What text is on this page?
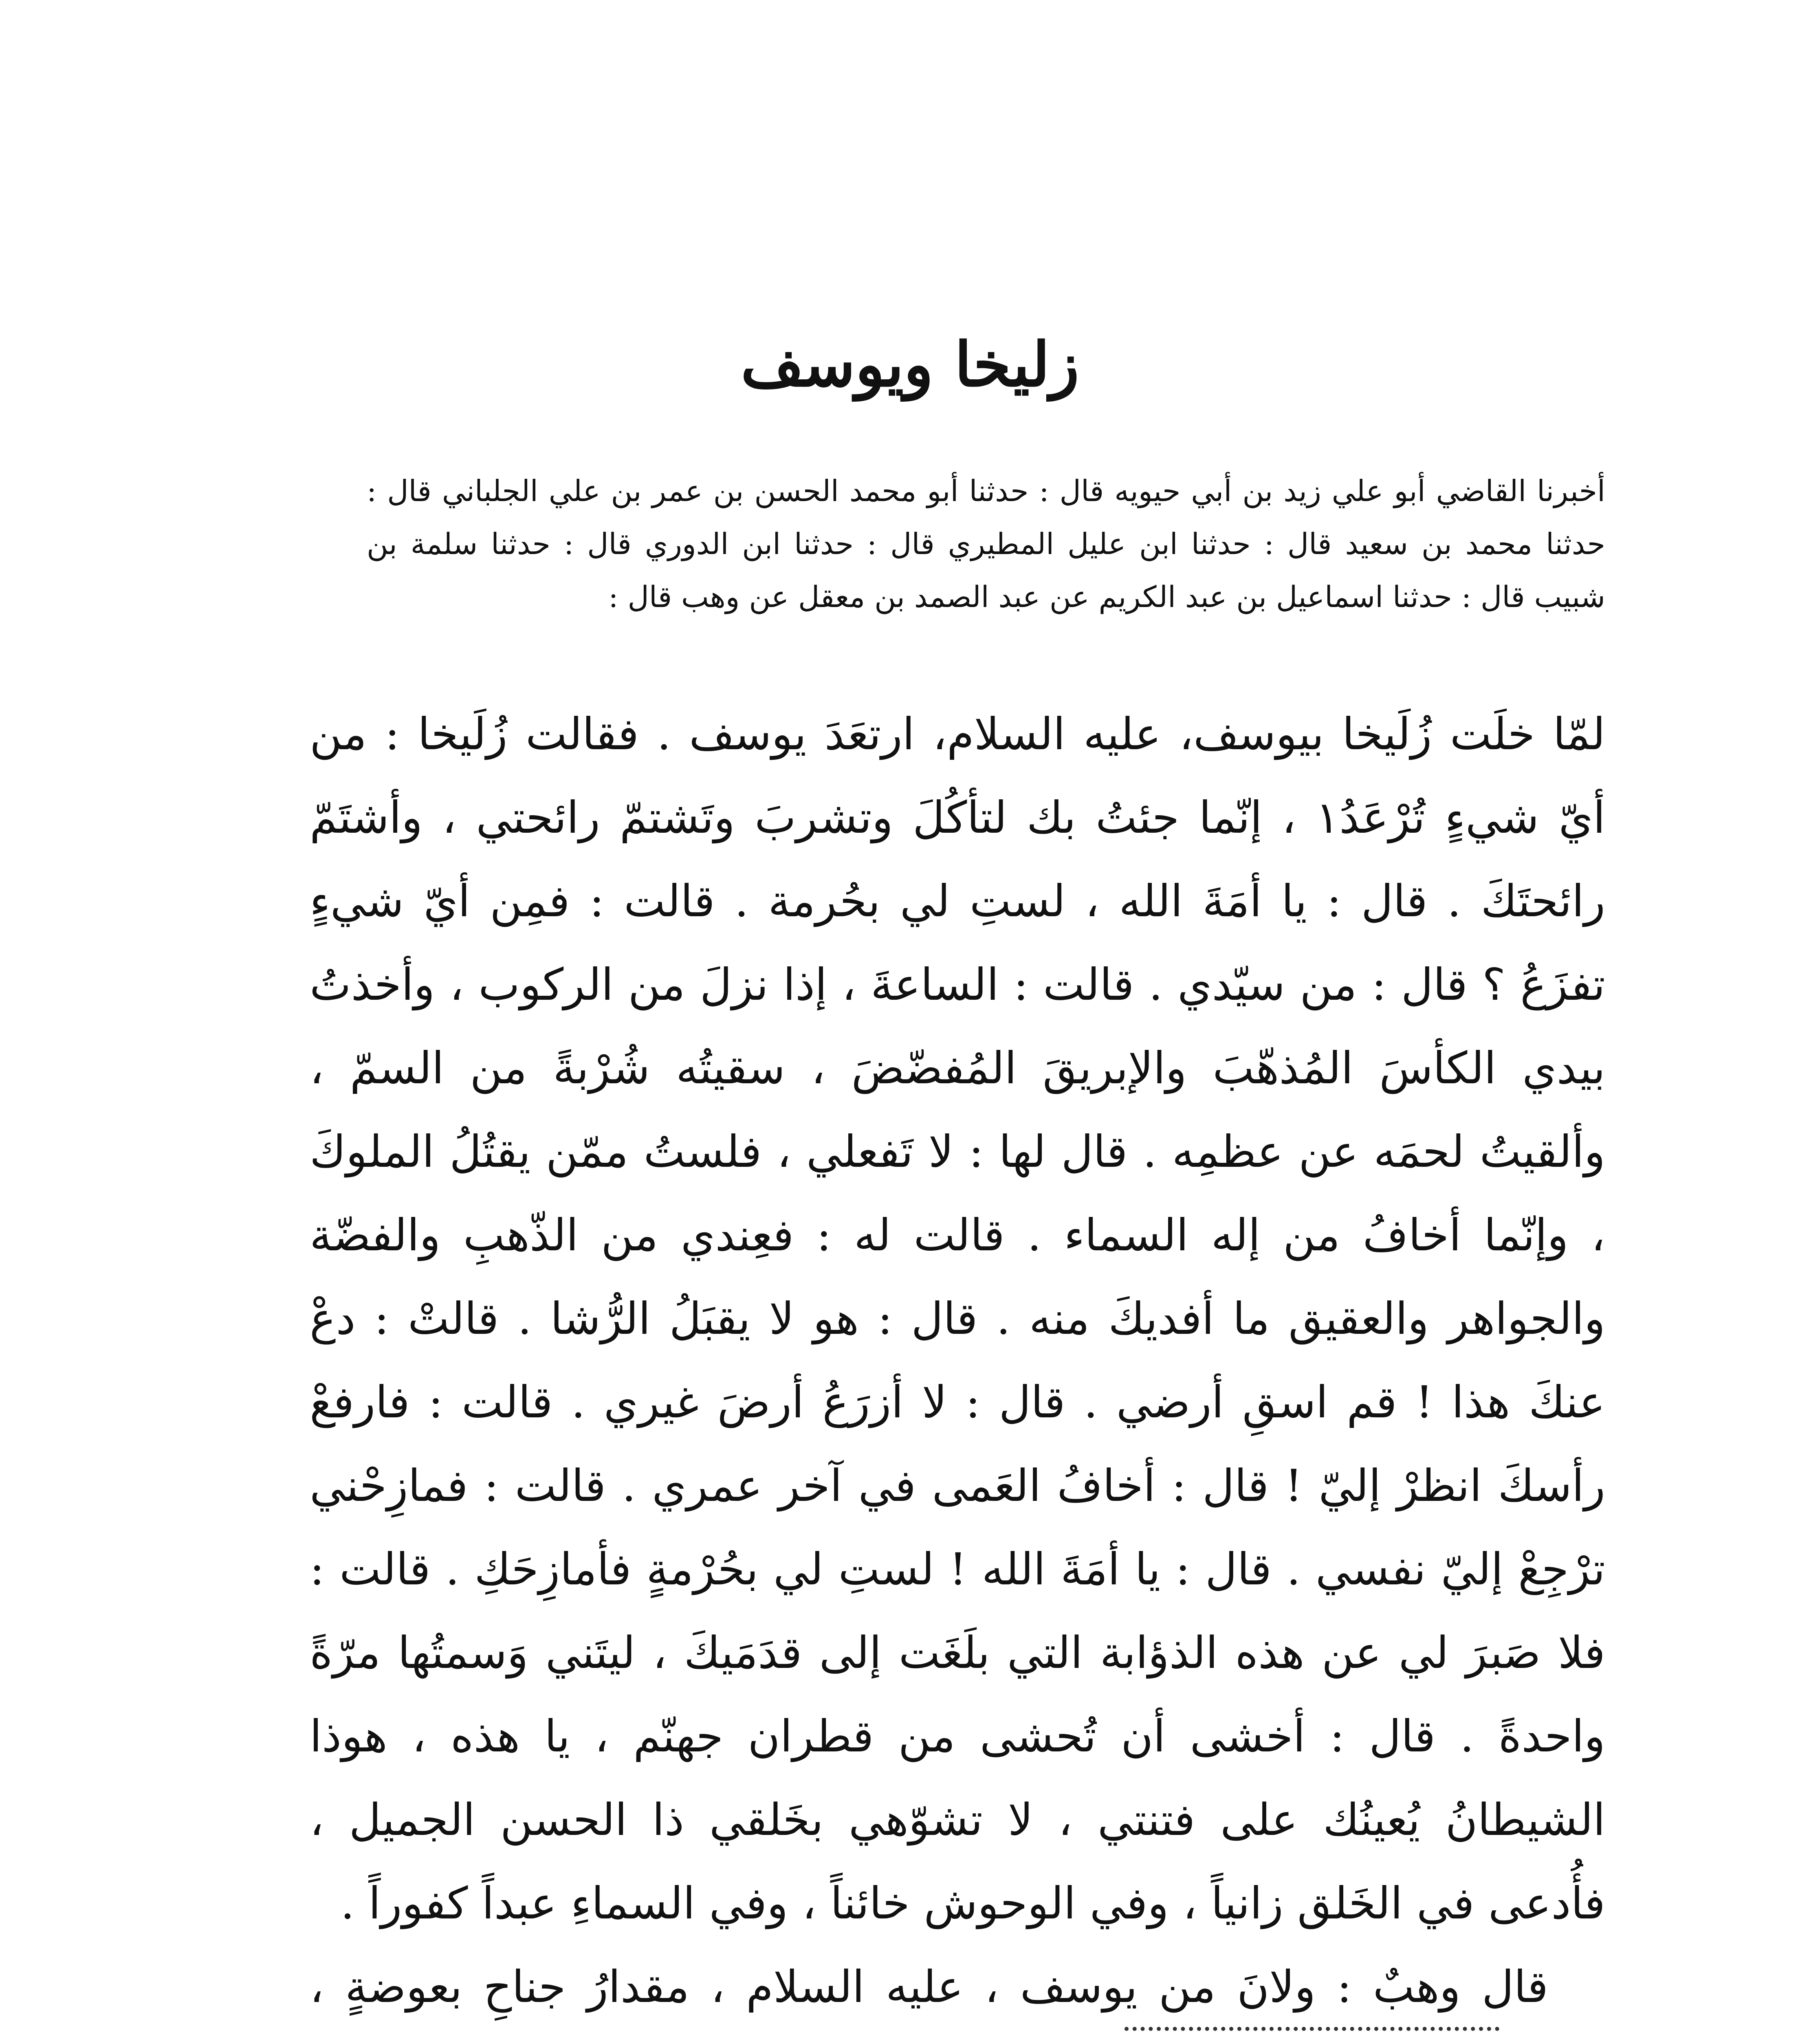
زليخا ويوسف

أخبرنا القاضي أبو علي زيد بن أبي حيويه قال : حدثنا أبو محمد الحسن بن عمر بن علي الجلباني قال : حدثنا محمد بن سعيد قال : حدثنا ابن عليل المطيري قال : حدثنا ابن الدوري قال : حدثنا سلمة بن شبيب قال : حدثنا اسماعيل بن عبد الكريم عن عبد الصمد بن معقل عن وهب قال :

لمّا خلَت زُلَيخا بيوسف، عليه السلام، ارتعَدَ يوسف . فقالت زُلَيخا : من أيّ شيءٍ تُرْعَدُ١ ، إنّما جئتُ بك لتأكُلَ وتشربَ وتَشتمّ رائحتي ، وأشتَمّ رائحتَكَ . قال : يا أمَةَ الله ، لستِ لي بحُرمة . قالت : فمِن أيّ شيءٍ تفزَعُ ؟ قال : من سيّدي . قالت : الساعةَ ، إذا نزلَ من الركوب ، وأخذتُ بيدي الكأسَ المُذهّبَ والإبريقَ المُفضّضَ ، سقيتُه شُرْبةً من السمّ ، وألقيتُ لحمَه عن عظمِه . قال لها : لا تَفعلي ، فلستُ ممّن يقتُلُ الملوكَ ، وإنّما أخافُ من إله السماء . قالت له : فعِندي من الذّهبِ والفضّة والجواهر والعقيق ما أفديكَ منه . قال : هو لا يقبَلُ الرُّشا . قالتْ : دعْ عنكَ هذا ! قم اسقِ أرضي . قال : لا أزرَعُ أرضَ غيري . قالت : فارفعْ رأسكَ انظرْ إليّ ! قال : أخافُ العَمى في آخر عمري . قالت : فمازِحْني ترْجِعْ إليّ نفسي . قال : يا أمَةَ الله ! لستِ لي بحُرْمةٍ فأمازِحَكِ . قالت : فلا صَبرَ لي عن هذه الذؤابة التي بلَغَت إلى قدَمَيكَ ، ليتَني وَسمتُها مرّةً واحدةً . قال : أخشى أن تُحشى من قطران جهنّم ، يا هذه ، هوذا الشيطانُ يُعينُك على فتنتي ، لا تشوّهي بخَلقي ذا الحسن الجميل ، فأُدعى في الخَلق زانياً ، وفي الوحوش خائناً ، وفي السماءِ عبداً كفوراً .

قال وهبٌ : ولانَ من يوسف ، عليه السلام ، مقدارُ جناحِ بعوضةٍ ،
